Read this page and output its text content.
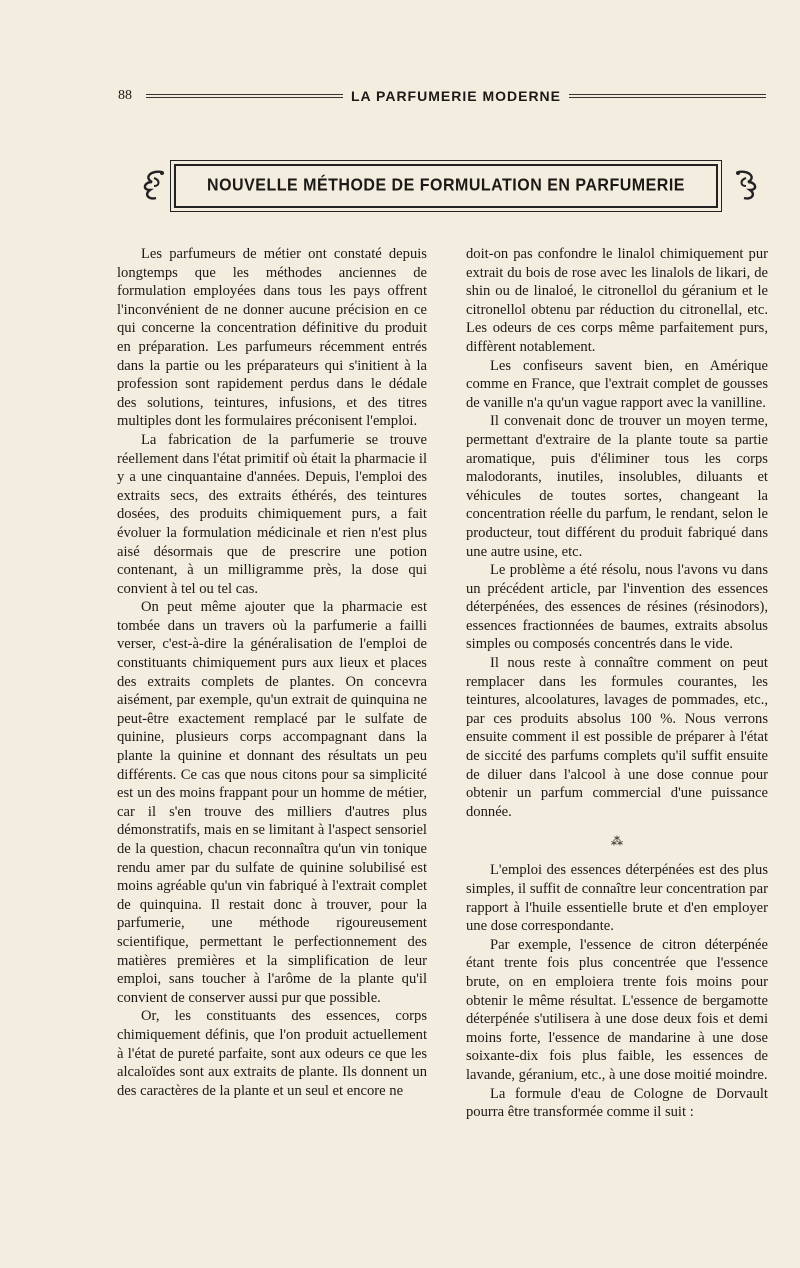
88	LA PARFUMERIE MODERNE
NOUVELLE MÉTHODE DE FORMULATION EN PARFUMERIE

Les parfumeurs de métier ont constaté depuis longtemps que les méthodes anciennes de formulation employées dans tous les pays offrent l'inconvénient de ne donner aucune précision en ce qui concerne la concentration définitive du produit en préparation. Les parfumeurs récemment entrés dans la partie ou les préparateurs qui s'initient à la profession sont rapidement perdus dans le dédale des solutions, teintures, infusions, et des titres multiples dont les formulaires préconisent l'emploi.

La fabrication de la parfumerie se trouve réellement dans l'état primitif où était la pharmacie il y a une cinquantaine d'années. Depuis, l'emploi des extraits secs, des extraits éthérés, des teintures dosées, des produits chimiquement purs, a fait évoluer la formulation médicinale et rien n'est plus aisé désormais que de prescrire une potion contenant, à un milligramme près, la dose qui convient à tel ou tel cas.

On peut même ajouter que la pharmacie est tombée dans un travers où la parfumerie a failli verser, c'est-à-dire la généralisation de l'emploi de constituants chimiquement purs aux lieux et places des extraits complets de plantes. On concevra aisément, par exemple, qu'un extrait de quinquina ne peut-être exactement remplacé par le sulfate de quinine, plusieurs corps accompagnant dans la plante la quinine et donnant des résultats un peu différents. Ce cas que nous citons pour sa simplicité est un des moins frappant pour un homme de métier, car il s'en trouve des milliers d'autres plus démonstratifs, mais en se limitant à l'aspect sensoriel de la question, chacun reconnaîtra qu'un vin tonique rendu amer par du sulfate de quinine solubilisé est moins agréable qu'un vin fabriqué à l'extrait complet de quinquina. Il restait donc à trouver, pour la parfumerie, une méthode rigoureusement scientifique, permettant le perfectionnement des matières premières et la simplification de leur emploi, sans toucher à l'arôme de la plante qu'il convient de conserver aussi pur que possible.

Or, les constituants des essences, corps chimiquement définis, que l'on produit actuellement à l'état de pureté parfaite, sont aux odeurs ce que les alcaloïdes sont aux extraits de plante. Ils donnent un des caractères de la plante et un seul et encore ne

doit-on pas confondre le linalol chimiquement pur extrait du bois de rose avec les linalols de likari, de shin ou de linaloé, le citronellol du géranium et le citronellol obtenu par réduction du citronellal, etc. Les odeurs de ces corps même parfaitement purs, diffèrent notablement.

Les confiseurs savent bien, en Amérique comme en France, que l'extrait complet de gousses de vanille n'a qu'un vague rapport avec la vanilline.

Il convenait donc de trouver un moyen terme, permettant d'extraire de la plante toute sa partie aromatique, puis d'éliminer tous les corps malodorants, inutiles, insolubles, diluants et véhicules de toutes sortes, changeant la concentration réelle du parfum, le rendant, selon le producteur, tout différent du produit fabriqué dans une autre usine, etc.

Le problème a été résolu, nous l'avons vu dans un précédent article, par l'invention des essences déterpénées, des essences de résines (résinodors), essences fractionnées de baumes, extraits absolus simples ou composés concentrés dans le vide.

Il nous reste à connaître comment on peut remplacer dans les formules courantes, les teintures, alcoolatures, lavages de pommades, etc., par ces produits absolus 100 %. Nous verrons ensuite comment il est possible de préparer à l'état de siccité des parfums complets qu'il suffit ensuite de diluer dans l'alcool à une dose connue pour obtenir un parfum commercial d'une puissance donnée.

⁂

L'emploi des essences déterpénées est des plus simples, il suffit de connaître leur concentration par rapport à l'huile essentielle brute et d'en employer une dose correspondante.

Par exemple, l'essence de citron déterpénée étant trente fois plus concentrée que l'essence brute, on en emploiera trente fois moins pour obtenir le même résultat. L'essence de bergamotte déterpénée s'utilisera à une dose deux fois et demi moins forte, l'essence de mandarine à une dose soixante-dix fois plus faible, les essences de lavande, géranium, etc., à une dose moitié moindre.

La formule d'eau de Cologne de Dorvault pourra être transformée comme il suit :
